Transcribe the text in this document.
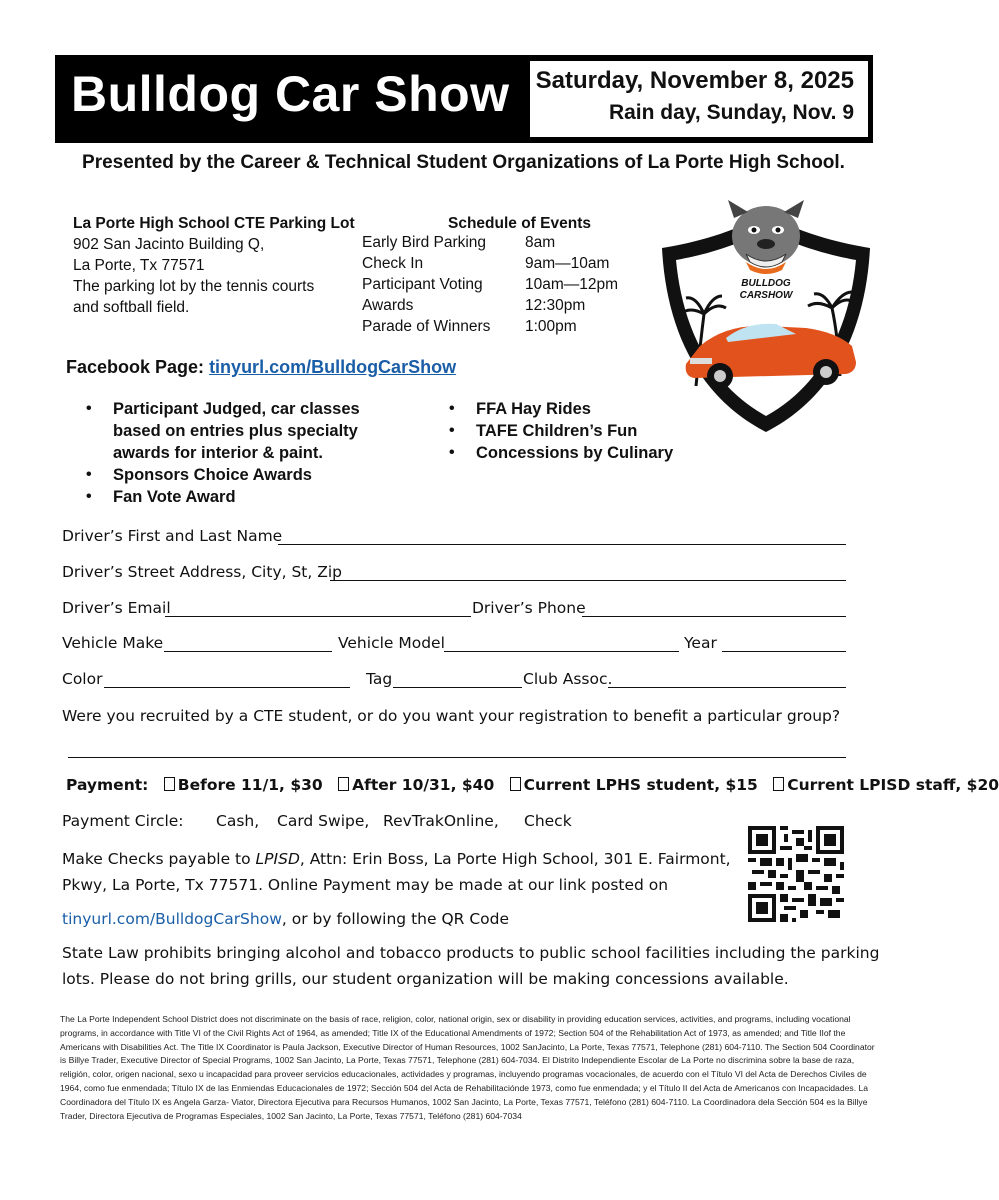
Bulldog Car Show Saturday, November 8, 2025
Rain day, Sunday, Nov. 9
Presented by the Career & Technical Student Organizations of La Porte High School.
La Porte High School CTE Parking Lot
902 San Jacinto Building Q,
La Porte, Tx 77571
The parking lot by the tennis courts
and softball field.
Schedule of Events
Early Bird Parking	8am
Check In	9am—10am
Participant Voting	10am—12pm
Awards	12:30pm
Parade of Winners 1:00pm
BULLDOG
CARSHOW
Facebook Page: tinyurl.com/BulldogCarShow
• Participant Judged, car classes based on entries plus specialty awards for interior & paint.
• Sponsors Choice Awards
• Fan Vote Award
• FFA Hay Rides
• TAFE Children’s Fun
• Concessions by Culinary
Driver’s First and Last Name
Driver’s Street Address, City, St, Zip
Driver’s Email	Driver’s Phone
Vehicle Make	Vehicle Model	Year
Color	Tag	Club Assoc.
Were you recruited by a CTE student, or do you want your registration to benefit a particular group?
Payment: Before 11/1, $30 After 10/31, $40 Current LPHS student, $15 Current LPISD staff, $20
Payment Circle: Cash, Card Swipe, RevTrakOnline, Check
Make Checks payable to LPISD, Attn: Erin Boss, La Porte High School, 301 E. Fairmont,
Pkwy, La Porte, Tx 77571. Online Payment may be made at our link posted on
tinyurl.com/BulldogCarShow, or by following the QR Code
State Law prohibits bringing alcohol and tobacco products to public school facilities including the parking
lots. Please do not bring grills, our student organization will be making concessions available.

The La Porte Independent School District does not discriminate on the basis of race, religion, color, national origin, sex or disability in providing education services, activities, and programs, including vocational programs, in accordance with Title VI of the Civil Rights Act of 1964, as amended; Title IX of the Educational Amendments of 1972; Section 504 of the Rehabilitation Act of 1973, as amended; and Title IIof the Americans with Disabilities Act. The Title IX Coordinator is Paula Jackson, Executive Director of Human Resources, 1002 SanJacinto, La Porte, Texas 77571, Telephone (281) 604-7110. The Section 504 Coordinator is Billye Trader, Executive Director of Special Programs, 1002 San Jacinto, La Porte, Texas 77571, Telephone (281) 604-7034. El Distrito Independiente Escolar de La Porte no discrimina sobre la base de raza, religión, color, origen nacional, sexo u incapacidad para proveer servicios educacionales, actividades y programas, incluyendo programas vocacionales, de acuerdo con el Título VI del Acta de Derechos Civiles de 1964, como fue enmendada; Título IX de las Enmiendas Educacionales de 1972; Sección 504 del Acta de Rehabilitaciónde 1973, como fue enmendada; y el Título II del Acta de Americanos con Incapacidades. La Coordinadora del Título IX es Angela Garza- Viator, Directora Ejecutiva para Recursos Humanos, 1002 San Jacinto, La Porte, Texas 77571, Teléfono (281) 604-7110. La Coordinadora dela Sección 504 es la Billye Trader, Directora Ejecutiva de Programas Especiales, 1002 San Jacinto, La Porte, Texas 77571, Teléfono (281) 604-7034
